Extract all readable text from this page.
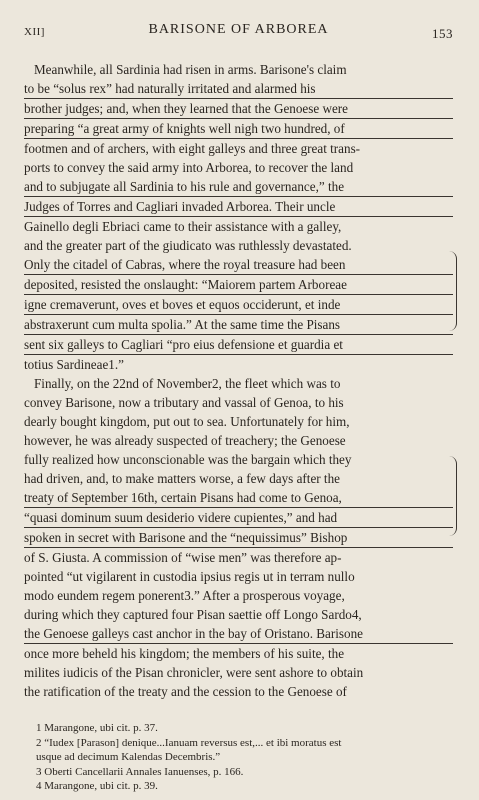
XII]	BARISONE OF ARBOREA	153
Meanwhile, all Sardinia had risen in arms. Barisone's claim
to be “solus rex” had naturally irritated and alarmed his
brother judges; and, when they learned that the Genoese were
preparing “a great army of knights well nigh two hundred, of
footmen and of archers, with eight galleys and three great trans-
ports to convey the said army into Arborea, to recover the land
and to subjugate all Sardinia to his rule and governance,” the
Judges of Torres and Cagliari invaded Arborea. Their uncle
Gainello degli Ebriaci came to their assistance with a galley,
and the greater part of the giudicato was ruthlessly devastated.
Only the citadel of Cabras, where the royal treasure had been
deposited, resisted the onslaught: “Maiorem partem Arboreae
igne cremaverunt, oves et boves et equos occiderunt, et inde
abstraxerunt cum multa spolia.” At the same time the Pisans
sent six galleys to Cagliari “pro eius defensione et guardia et
totius Sardineae1.”
Finally, on the 22nd of November2, the fleet which was to
convey Barisone, now a tributary and vassal of Genoa, to his
dearly bought kingdom, put out to sea. Unfortunately for him,
however, he was already suspected of treachery; the Genoese
fully realized how unconscionable was the bargain which they
had driven, and, to make matters worse, a few days after the
treaty of September 16th, certain Pisans had come to Genoa,
“quasi dominum suum desiderio videre cupientes,” and had
spoken in secret with Barisone and the “nequissimus” Bishop
of S. Giusta. A commission of “wise men” was therefore ap-
pointed “ut vigilarent in custodia ipsius regis ut in terram nullo
modo eundem regem ponerent3.” After a prosperous voyage,
during which they captured four Pisan saettie off Longo Sardo4,
the Genoese galleys cast anchor in the bay of Oristano. Barisone
once more beheld his kingdom; the members of his suite, the
milites iudicis of the Pisan chronicler, were sent ashore to obtain
the ratification of the treaty and the cession to the Genoese of
1 Marangone, ubi cit. p. 37.
2 “Iudex [Parason] denique...Ianuam reversus est,... et ibi moratus est
usque ad decimum Kalendas Decembris.”
3 Oberti Cancellarii Annales Ianuenses, p. 166.
4 Marangone, ubi cit. p. 39.
